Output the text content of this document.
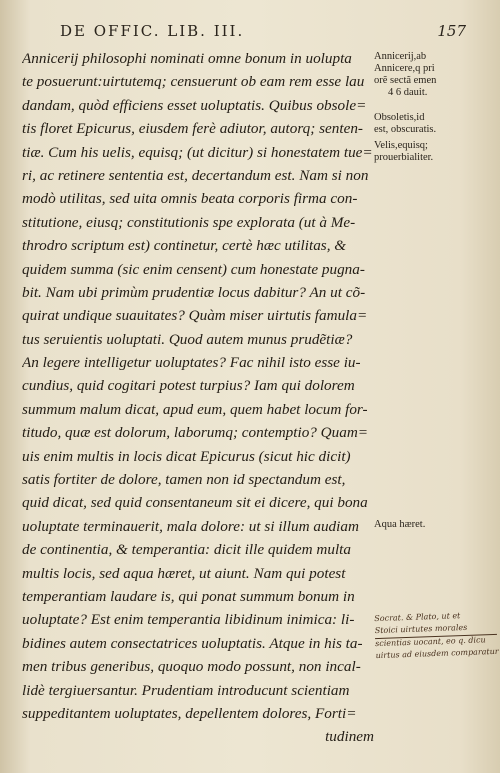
DE OFFIC. LIB. III.	157
Annicerij philosophi nominati omne bonum in uolupta
te posuerunt:uirtutemq; censuerunt ob eam rem esse lau
dandam, quòd efficiens esset uoluptatis. Quibus obsole=
tis floret Epicurus, eiusdem ferè adiutor, autorq; senten-
tiæ. Cum his uelis, equisq; (ut dicitur) si honestatem tue=
ri, ac retinere sententia est, decertandum est. Nam si non
modò utilitas, sed uita omnis beata corporis firma con-
stitutione, eiusq; constitutionis spe explorata (ut à Me-
throdro scriptum est) continetur, certè hæc utilitas, &
quidem summa (sic enim censent) cum honestate pugna-
bit. Nam ubi primùm prudentiæ locus dabitur? An ut cõ-
quirat undique suauitates? Quàm miser uirtutis famula=
tus seruientis uoluptati. Quod autem munus prudẽtiæ?
An legere intelligetur uoluptates? Fac nihil isto esse iu-
cundius, quid cogitari potest turpius? Iam qui dolorem
summum malum dicat, apud eum, quem habet locum for-
titudo, quæ est dolorum, laborumq; contemptio? Quam=
uis enim multis in locis dicat Epicurus (sicut hic dicit)
satis fortiter de dolore, tamen non id spectandum est,
quid dicat, sed quid consentaneum sit ei dicere, qui bona
uoluptate terminauerit, mala dolore: ut si illum audiam
de continentia, & temperantia: dicit ille quidem multa
multis locis, sed aqua hæret, ut aiunt. Nam qui potest
temperantiam laudare is, qui ponat summum bonum in
uoluptate? Est enim temperantia libidinum inimica: li-
bidines autem consectatrices uoluptatis. Atque in his ta-
men tribus generibus, quoquo modo possunt, non incal-
lidè tergiuersantur. Prudentiam introducunt scientiam
suppeditantem uoluptates, depellentem dolores, Forti=
tudinem
Annicerij,ab
Annicere,q pri
orẽ sectã emen
4 6 dauit.
Obsoletis,id
est, obscuratis.
Velis,equisq;
prouerbialiter.
Aqua hæret.
Socrat. & Plato, ut et
Stoici uirtutes morales
scientias uocant, eo q. dicu
uirtus ad eiusdem comparatur
